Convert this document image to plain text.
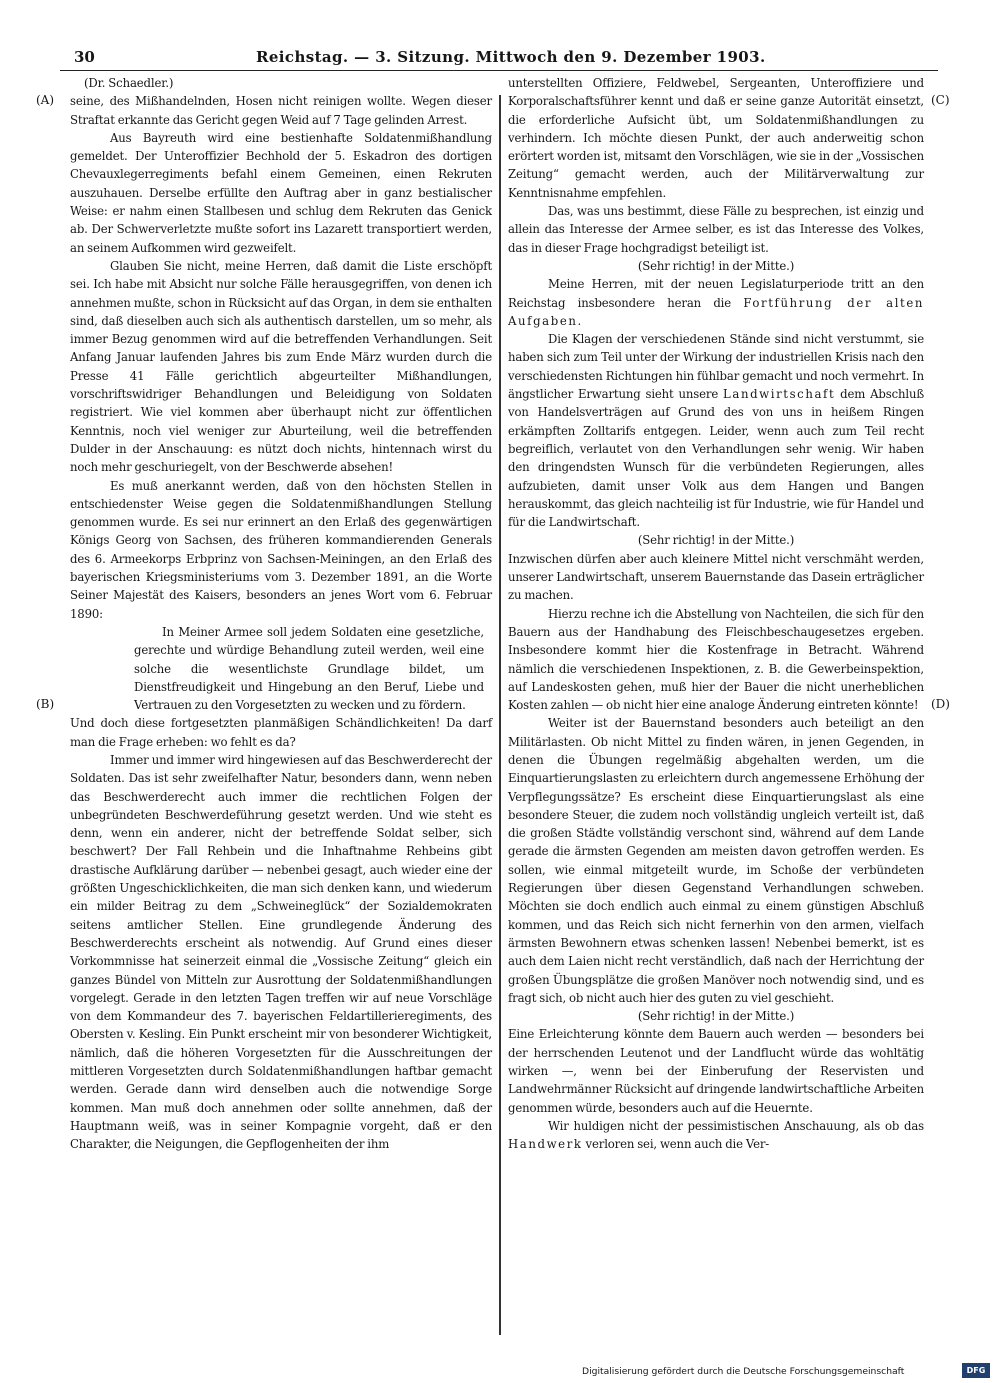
30	Reichstag. — 3. Sitzung. Mittwoch den 9. Dezember 1903.
(A)
(B)
(C)
(D)

(Dr. Schaedler.)

seine, des Mißhandelnden, Hosen nicht reinigen wollte. Wegen dieser Straftat erkannte das Gericht gegen Weid auf 7 Tage gelinden Arrest.

Aus Bayreuth wird eine bestienhafte Soldatenmißhandlung gemeldet. Der Unteroffizier Bechhold der 5. Eskadron des dortigen Chevauxlegerregiments befahl einem Gemeinen, einen Rekruten auszuhauen. Derselbe erfüllte den Auftrag aber in ganz bestialischer Weise: er nahm einen Stallbesen und schlug dem Rekruten das Genick ab. Der Schwerverletzte mußte sofort ins Lazarett transportiert werden, an seinem Aufkommen wird gezweifelt.

Glauben Sie nicht, meine Herren, daß damit die Liste erschöpft sei. Ich habe mit Absicht nur solche Fälle herausgegriffen, von denen ich annehmen mußte, schon in Rücksicht auf das Organ, in dem sie enthalten sind, daß dieselben auch sich als authentisch darstellen, um so mehr, als immer Bezug genommen wird auf die betreffenden Verhandlungen. Seit Anfang Januar laufenden Jahres bis zum Ende März wurden durch die Presse 41 Fälle gerichtlich abgeurteilter Mißhandlungen, vorschriftswidriger Behandlungen und Beleidigung von Soldaten registriert. Wie viel kommen aber überhaupt nicht zur öffentlichen Kenntnis, noch viel weniger zur Aburteilung, weil die betreffenden Dulder in der Anschauung: es nützt doch nichts, hintennach wirst du noch mehr geschuriegelt, von der Beschwerde absehen!

Es muß anerkannt werden, daß von den höchsten Stellen in entschiedenster Weise gegen die Soldatenmißhandlungen Stellung genommen wurde. Es sei nur erinnert an den Erlaß des gegenwärtigen Königs Georg von Sachsen, des früheren kommandierenden Generals des 6. Armeekorps Erbprinz von Sachsen-Meiningen, an den Erlaß des bayerischen Kriegsministeriums vom 3. Dezember 1891, an die Worte Seiner Majestät des Kaisers, besonders an jenes Wort vom 6. Februar 1890:

In Meiner Armee soll jedem Soldaten eine gesetzliche, gerechte und würdige Behandlung zuteil werden, weil eine solche die wesentlichste Grundlage bildet, um Dienstfreudigkeit und Hingebung an den Beruf, Liebe und Vertrauen zu den Vorgesetzten zu wecken und zu fördern.

Und doch diese fortgesetzten planmäßigen Schändlichkeiten! Da darf man die Frage erheben: wo fehlt es da?

Immer und immer wird hingewiesen auf das Beschwerderecht der Soldaten. Das ist sehr zweifelhafter Natur, besonders dann, wenn neben das Beschwerderecht auch immer die rechtlichen Folgen der unbegründeten Beschwerdeführung gesetzt werden. Und wie steht es denn, wenn ein anderer, nicht der betreffende Soldat selber, sich beschwert? Der Fall Rehbein und die Inhaftnahme Rehbeins gibt drastische Aufklärung darüber — nebenbei gesagt, auch wieder eine der größten Ungeschicklichkeiten, die man sich denken kann, und wiederum ein milder Beitrag zu dem „Schweineglück“ der Sozialdemokraten seitens amtlicher Stellen. Eine grundlegende Änderung des Beschwerderechts erscheint als notwendig. Auf Grund eines dieser Vorkommnisse hat seinerzeit einmal die „Vossische Zeitung“ gleich ein ganzes Bündel von Mitteln zur Ausrottung der Soldatenmißhandlungen vorgelegt. Gerade in den letzten Tagen treffen wir auf neue Vorschläge von dem Kommandeur des 7. bayerischen Feldartillerieregiments, des Obersten v. Kesling. Ein Punkt erscheint mir von besonderer Wichtigkeit, nämlich, daß die höheren Vorgesetzten für die Ausschreitungen der mittleren Vorgesetzten durch Soldatenmißhandlungen haftbar gemacht werden. Gerade dann wird denselben auch die notwendige Sorge kommen. Man muß doch annehmen oder sollte annehmen, daß der Hauptmann weiß, was in seiner Kompagnie vorgeht, daß er den Charakter, die Neigungen, die Gepflogenheiten der ihm

unterstellten Offiziere, Feldwebel, Sergeanten, Unteroffiziere und Korporalschaftsführer kennt und daß er seine ganze Autorität einsetzt, die erforderliche Aufsicht übt, um Soldatenmißhandlungen zu verhindern. Ich möchte diesen Punkt, der auch anderweitig schon erörtert worden ist, mitsamt den Vorschlägen, wie sie in der „Vossischen Zeitung“ gemacht werden, auch der Militärverwaltung zur Kenntnisnahme empfehlen.

Das, was uns bestimmt, diese Fälle zu besprechen, ist einzig und allein das Interesse der Armee selber, es ist das Interesse des Volkes, das in dieser Frage hochgradigst beteiligt ist.

(Sehr richtig! in der Mitte.)

Meine Herren, mit der neuen Legislaturperiode tritt an den Reichstag insbesondere heran die Fortführung der alten Aufgaben.

Die Klagen der verschiedenen Stände sind nicht verstummt, sie haben sich zum Teil unter der Wirkung der industriellen Krisis nach den verschiedensten Richtungen hin fühlbar gemacht und noch vermehrt. In ängstlicher Erwartung sieht unsere Landwirtschaft dem Abschluß von Handelsverträgen auf Grund des von uns in heißem Ringen erkämpften Zolltarifs entgegen. Leider, wenn auch zum Teil recht begreiflich, verlautet von den Verhandlungen sehr wenig. Wir haben den dringendsten Wunsch für die verbündeten Regierungen, alles aufzubieten, damit unser Volk aus dem Hangen und Bangen herauskommt, das gleich nachteilig ist für Industrie, wie für Handel und für die Landwirtschaft.

(Sehr richtig! in der Mitte.)

Inzwischen dürfen aber auch kleinere Mittel nicht verschmäht werden, unserer Landwirtschaft, unserem Bauernstande das Dasein erträglicher zu machen.

Hierzu rechne ich die Abstellung von Nachteilen, die sich für den Bauern aus der Handhabung des Fleischbeschaugesetzes ergeben. Insbesondere kommt hier die Kostenfrage in Betracht. Während nämlich die verschiedenen Inspektionen, z. B. die Gewerbeinspektion, auf Landeskosten gehen, muß hier der Bauer die nicht unerheblichen Kosten zahlen — ob nicht hier eine analoge Änderung eintreten könnte!

Weiter ist der Bauernstand besonders auch beteiligt an den Militärlasten. Ob nicht Mittel zu finden wären, in jenen Gegenden, in denen die Übungen regelmäßig abgehalten werden, um die Einquartierungslasten zu erleichtern durch angemessene Erhöhung der Verpflegungssätze? Es erscheint diese Einquartierungslast als eine besondere Steuer, die zudem noch vollständig ungleich verteilt ist, daß die großen Städte vollständig verschont sind, während auf dem Lande gerade die ärmsten Gegenden am meisten davon getroffen werden. Es sollen, wie einmal mitgeteilt wurde, im Schoße der verbündeten Regierungen über diesen Gegenstand Verhandlungen schweben. Möchten sie doch endlich auch einmal zu einem günstigen Abschluß kommen, und das Reich sich nicht fernerhin von den armen, vielfach ärmsten Bewohnern etwas schenken lassen! Nebenbei bemerkt, ist es auch dem Laien nicht recht verständlich, daß nach der Herrichtung der großen Übungsplätze die großen Manöver noch notwendig sind, und es fragt sich, ob nicht auch hier des guten zu viel geschieht.

(Sehr richtig! in der Mitte.)

Eine Erleichterung könnte dem Bauern auch werden — besonders bei der herrschenden Leutenot und der Landflucht würde das wohltätig wirken —, wenn bei der Einberufung der Reservisten und Landwehrmänner Rücksicht auf dringende landwirtschaftliche Arbeiten genommen würde, besonders auch auf die Heuernte.

Wir huldigen nicht der pessimistischen Anschauung, als ob das Handwerk verloren sei, wenn auch die Ver-

Digitalisierung gefördert durch die Deutsche Forschungsgemeinschaft	DFG
